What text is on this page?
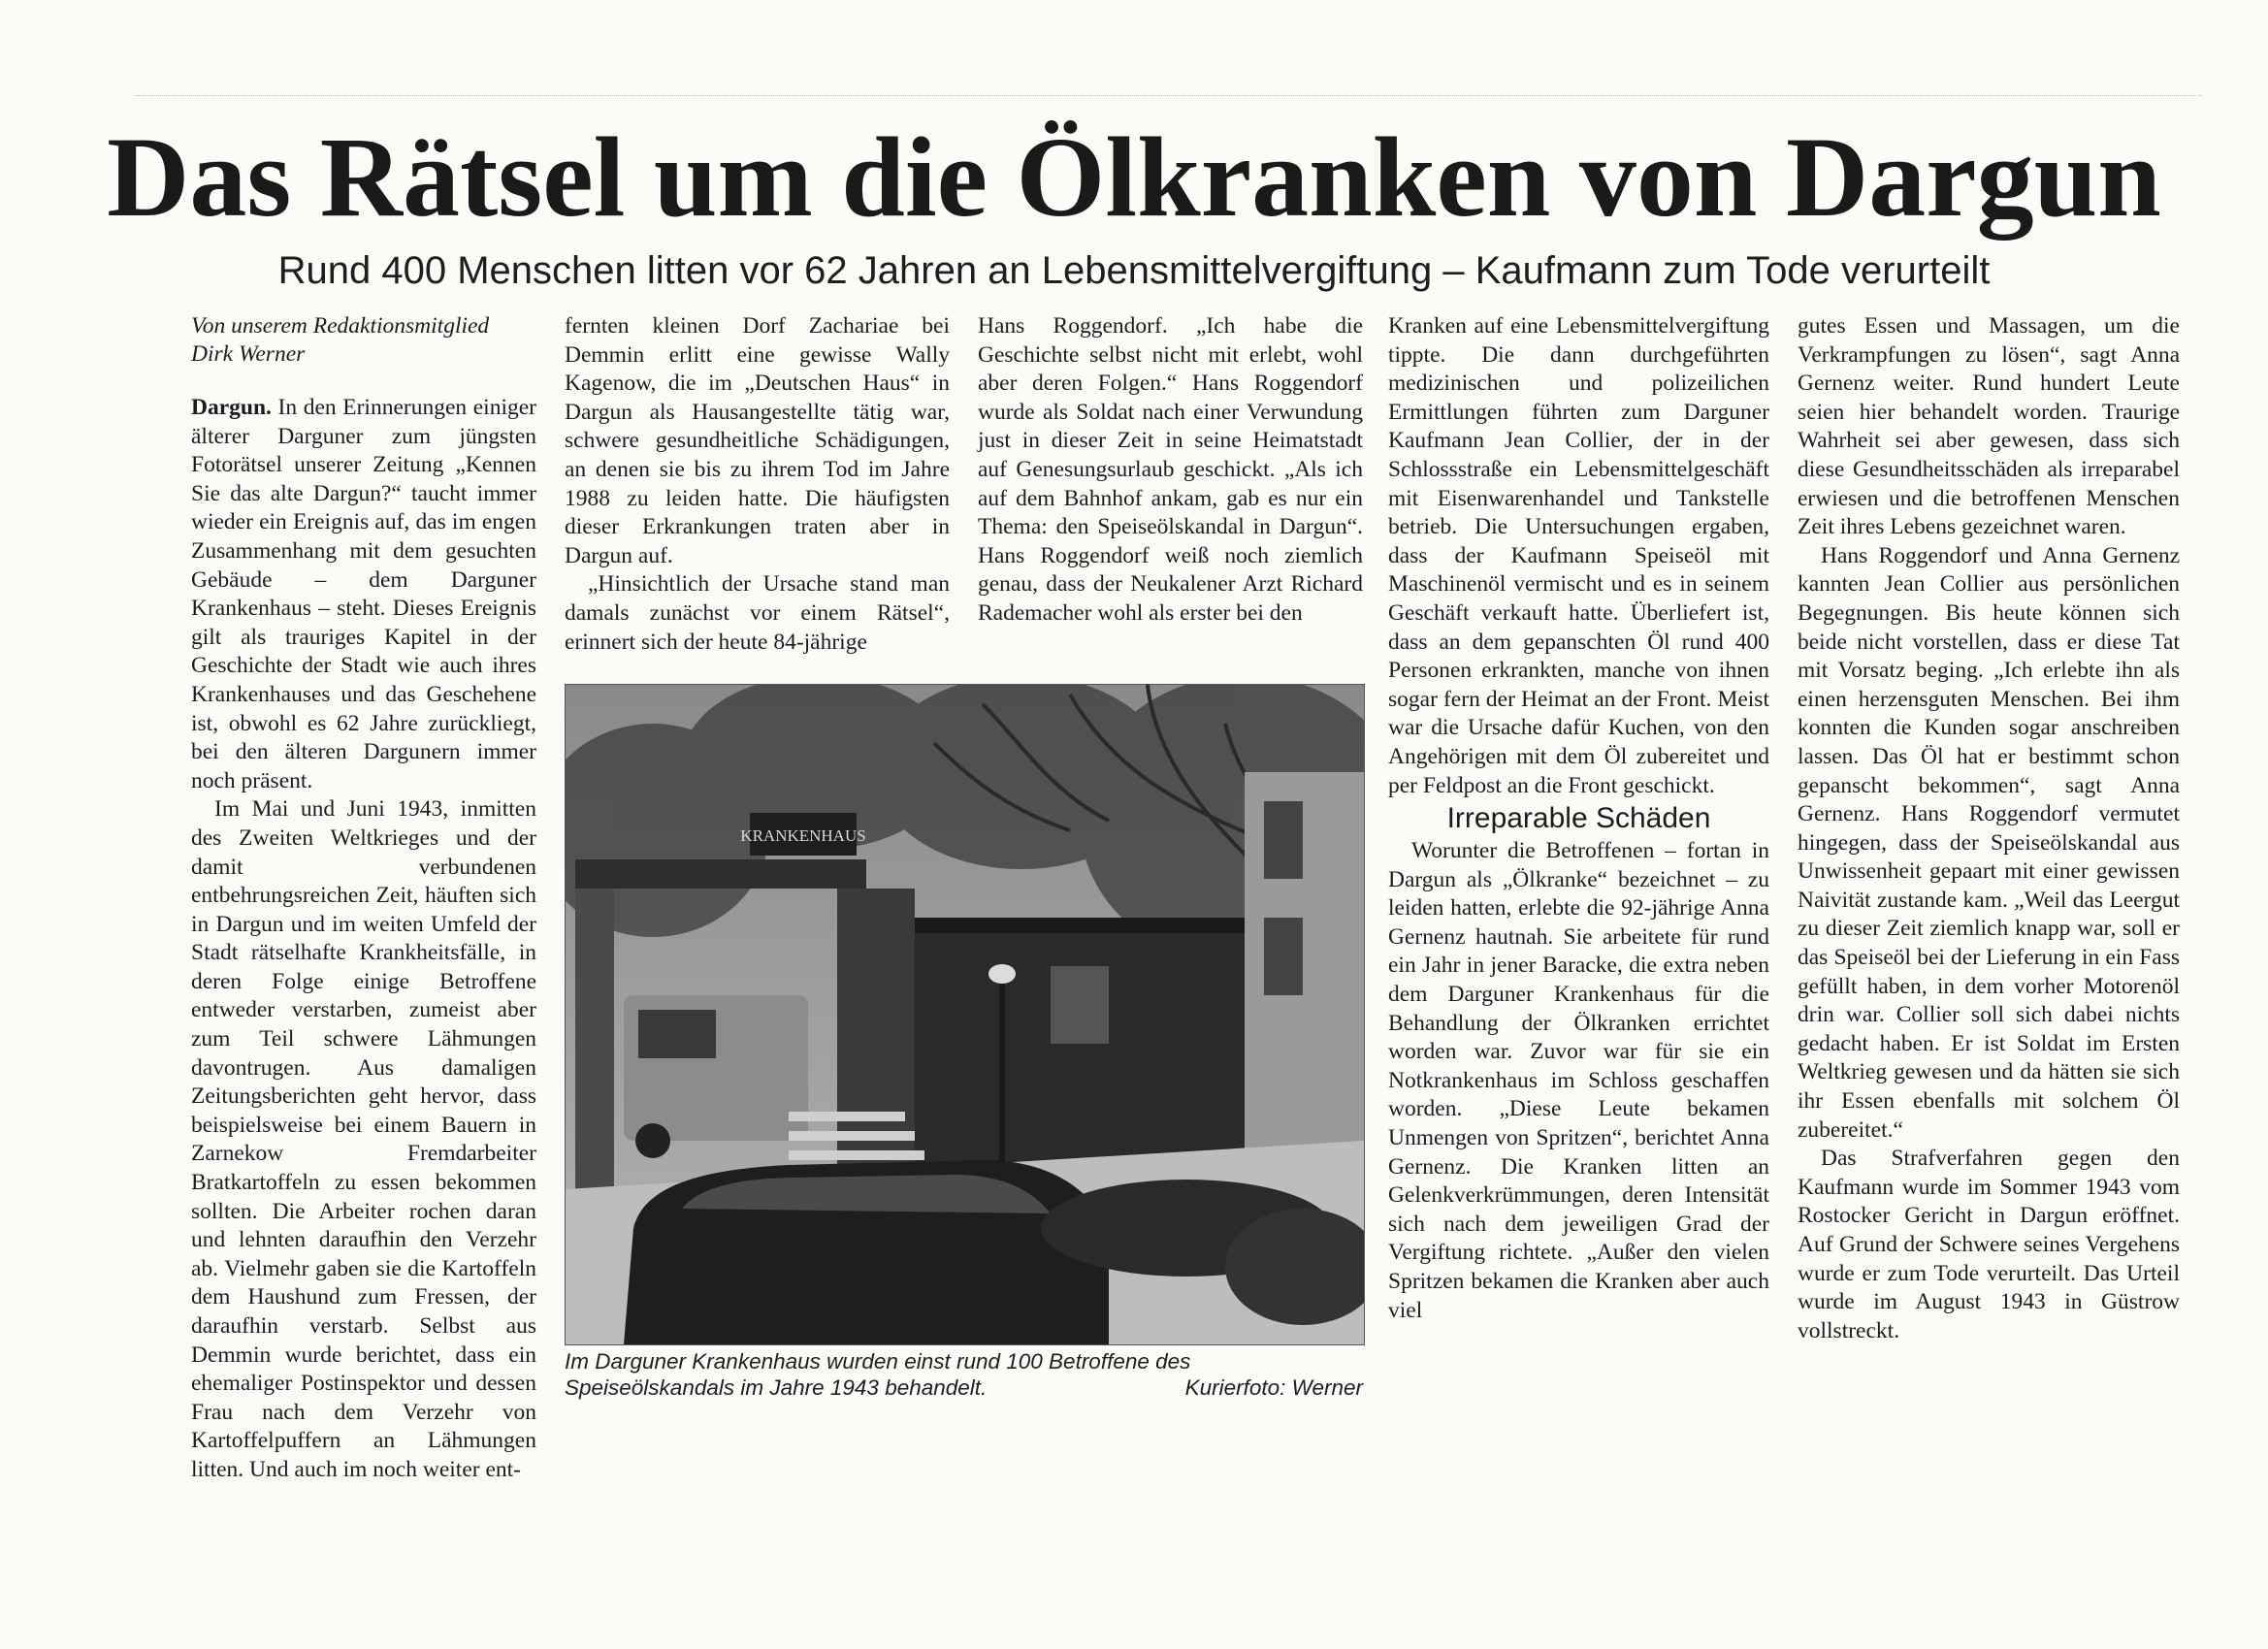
Das Rätsel um die Ölkranken von Dargun
Rund 400 Menschen litten vor 62 Jahren an Lebensmittelvergiftung – Kaufmann zum Tode verurteilt
Von unserem Redaktionsmitglied
Dirk Werner

Dargun. In den Erinnerungen einiger älterer Darguner zum jüngsten Fotorätsel unserer Zeitung „Kennen Sie das alte Dargun?“ taucht immer wieder ein Ereignis auf, das im engen Zusammenhang mit dem gesuchten Gebäude – dem Darguner Krankenhaus – steht. Dieses Ereignis gilt als trauriges Kapitel in der Geschichte der Stadt wie auch ihres Krankenhauses und das Geschehene ist, obwohl es 62 Jahre zurückliegt, bei den älteren Dargunern immer noch präsent.

Im Mai und Juni 1943, inmitten des Zweiten Weltkrieges und der damit verbundenen entbehrungsreichen Zeit, häuften sich in Dargun und im weiten Umfeld der Stadt rätselhafte Krankheitsfälle, in deren Folge einige Betroffene entweder verstarben, zumeist aber zum Teil schwere Lähmungen davontrugen. Aus damaligen Zeitungsberichten geht hervor, dass beispielsweise bei einem Bauern in Zarnekow Fremdarbeiter Bratkartoffeln zu essen bekommen sollten. Die Arbeiter rochen daran und lehnten daraufhin den Verzehr ab. Vielmehr gaben sie die Kartoffeln dem Haushund zum Fressen, der daraufhin verstarb. Selbst aus Demmin wurde berichtet, dass ein ehemaliger Postinspektor und dessen Frau nach dem Verzehr von Kartoffelpuffern an Lähmungen litten. Und auch im noch weiter ent-

fernten kleinen Dorf Zachariae bei Demmin erlitt eine gewisse Wally Kagenow, die im „Deutschen Haus“ in Dargun als Hausangestellte tätig war, schwere gesundheitliche Schädigungen, an denen sie bis zu ihrem Tod im Jahre 1988 zu leiden hatte. Die häufigsten dieser Erkrankungen traten aber in Dargun auf.

„Hinsichtlich der Ursache stand man damals zunächst vor einem Rätsel“, erinnert sich der heute 84-jährige

Hans Roggendorf. „Ich habe die Geschichte selbst nicht mit erlebt, wohl aber deren Folgen.“ Hans Roggendorf wurde als Soldat nach einer Verwundung just in dieser Zeit in seine Heimatstadt auf Genesungsurlaub geschickt. „Als ich auf dem Bahnhof ankam, gab es nur ein Thema: den Speiseölskandal in Dargun“. Hans Roggendorf weiß noch ziemlich genau, dass der Neukalener Arzt Richard Rademacher wohl als erster bei den

KRANKENHAUS
Im Darguner Krankenhaus wurden einst rund 100 Betroffene des Speiseölskandals im Jahre 1943 behandelt.	Kurierfoto: Werner

Kranken auf eine Lebensmittelvergiftung tippte. Die dann durchgeführten medizinischen und polizeilichen Ermittlungen führten zum Darguner Kaufmann Jean Collier, der in der Schlossstraße ein Lebensmittelgeschäft mit Eisenwarenhandel und Tankstelle betrieb. Die Untersuchungen ergaben, dass der Kaufmann Speiseöl mit Maschinenöl vermischt und es in seinem Geschäft verkauft hatte. Überliefert ist, dass an dem gepanschten Öl rund 400 Personen erkrankten, manche von ihnen sogar fern der Heimat an der Front. Meist war die Ursache dafür Kuchen, von den Angehörigen mit dem Öl zubereitet und per Feldpost an die Front geschickt.

Irreparable Schäden

Worunter die Betroffenen – fortan in Dargun als „Ölkranke“ bezeichnet – zu leiden hatten, erlebte die 92-jährige Anna Gernenz hautnah. Sie arbeitete für rund ein Jahr in jener Baracke, die extra neben dem Darguner Krankenhaus für die Behandlung der Ölkranken errichtet worden war. Zuvor war für sie ein Notkrankenhaus im Schloss geschaffen worden. „Diese Leute bekamen Unmengen von Spritzen“, berichtet Anna Gernenz. Die Kranken litten an Gelenkverkrümmungen, deren Intensität sich nach dem jeweiligen Grad der Vergiftung richtete. „Außer den vielen Spritzen bekamen die Kranken aber auch viel

gutes Essen und Massagen, um die Verkrampfungen zu lösen“, sagt Anna Gernenz weiter. Rund hundert Leute seien hier behandelt worden. Traurige Wahrheit sei aber gewesen, dass sich diese Gesundheitsschäden als irreparabel erwiesen und die betroffenen Menschen Zeit ihres Lebens gezeichnet waren.

Hans Roggendorf und Anna Gernenz kannten Jean Collier aus persönlichen Begegnungen. Bis heute können sich beide nicht vorstellen, dass er diese Tat mit Vorsatz beging. „Ich erlebte ihn als einen herzensguten Menschen. Bei ihm konnten die Kunden sogar anschreiben lassen. Das Öl hat er bestimmt schon gepanscht bekommen“, sagt Anna Gernenz. Hans Roggendorf vermutet hingegen, dass der Speiseölskandal aus Unwissenheit gepaart mit einer gewissen Naivität zustande kam. „Weil das Leergut zu dieser Zeit ziemlich knapp war, soll er das Speiseöl bei der Lieferung in ein Fass gefüllt haben, in dem vorher Motorenöl drin war. Collier soll sich dabei nichts gedacht haben. Er ist Soldat im Ersten Weltkrieg gewesen und da hätten sie sich ihr Essen ebenfalls mit solchem Öl zubereitet.“

Das Strafverfahren gegen den Kaufmann wurde im Sommer 1943 vom Rostocker Gericht in Dargun eröffnet. Auf Grund der Schwere seines Vergehens wurde er zum Tode verurteilt. Das Urteil wurde im August 1943 in Güstrow vollstreckt.
